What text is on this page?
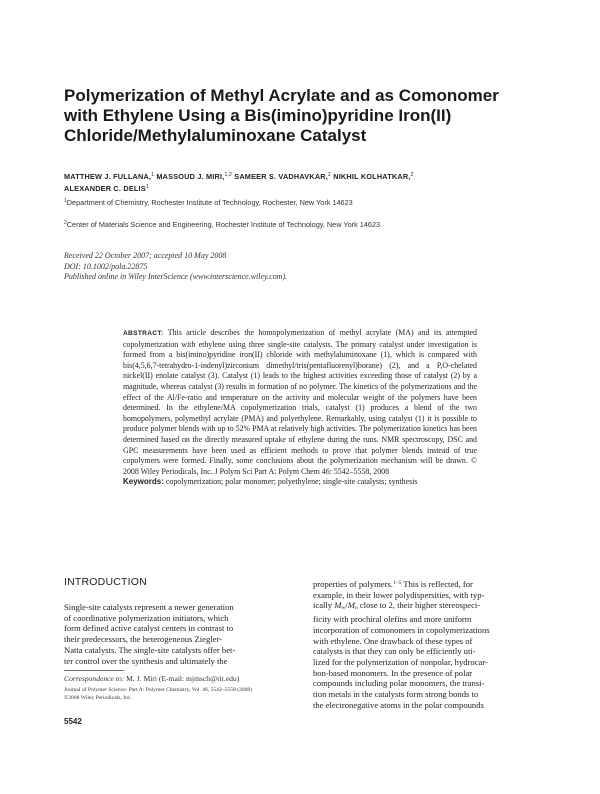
Polymerization of Methyl Acrylate and as Comonomer
with Ethylene Using a Bis(imino)pyridine Iron(II)
Chloride/Methylaluminoxane Catalyst
MATTHEW J. FULLANA,$^1$ MASSOUD J. MIRI,$^{1,2}$ SAMEER S. VADHAVKAR,$^2$ NIKHIL KOLHATKAR,$^2$
ALEXANDER C. DELIS$^1$
$^1$Department of Chemistry, Rochester Institute of Technology, Rochester, New York 14623
$^2$Center of Materials Science and Engineering, Rochester Institute of Technology, New York 14623
Received 22 October 2007; accepted 10 May 2008
DOI: 10.1002/pola.22875
Published online in Wiley InterScience (www.interscience.wiley.com).

ABSTRACT: This article describes the homopolymerization of methyl acrylate (MA) and its attempted copolymerization with ethylene using three single-site catalysts. The primary catalyst under investigation is formed from a bis(imino)pyridine iron(II) chloride with methylaluminoxane (1), which is compared with bis(4,5,6,7-tetrahydro-1-indenyl)zirconium dimethyl/tris(pentafluorenyl)borane) (2), and a P,O-chelated nickel(II) enolate catalyst (3). Catalyst (1) leads to the highest activities exceeding those of catalyst (2) by a magnitude, whereas catalyst (3) results in formation of no polymer. The kinetics of the polymerizations and the effect of the Al/Fe-ratio and temperature on the activity and molecular weight of the polymers have been determined. In the ethylene/MA copolymerization trials, catalyst (1) produces a blend of the two homopolymers, polymethyl acrylate (PMA) and polyethylene. Remarkably, using catalyst (1) it is possible to produce polymer blends with up to 52% PMA at relatively high activities. The polymerization kinetics has been determined based on the directly measured uptake of ethylene during the runs. NMR spectroscopy, DSC and GPC measurements have been used as efficient methods to prove that polymer blends instead of true copolymers were formed. Finally, some conclusions about the polymerization mechanism will be drawn. © 2008 Wiley Periodicals, Inc. J Polym Sci Part A: Polym Chem 46: 5542–5558, 2008

Keywords: copolymerization; polar monomer; polyethylene; single-site catalysts; synthesis

INTRODUCTION
Single-site catalysts represent a newer generation
of coordinative polymerization initiators, which
form defined active catalyst centers in contrast to
their predecessors, the heterogeneous Ziegler-
Natta catalysts. The single-site catalysts offer bet-
ter control over the synthesis and ultimately the
properties of polymers.$^{1-5}$ This is reflected, for
example, in their lower polydispersities, with typ-
ically $M_w/M_n$ close to 2, their higher stereospeci-
ficity with prochiral olefins and more uniform
incorporation of comonomers in copolymerizations
with ethylene. One drawback of these types of
catalysts is that they can only be efficiently uti-
lized for the polymerization of nonpolar, hydrocar-
bon-based monomers. In the presence of polar
compounds including polar monomers, the transi-
tion metals in the catalysts form strong bonds to
the electronegative atoms in the polar compounds
Correspondence to: M. J. Miri (E-mail: mjmsch@rit.edu)
Journal of Polymer Science: Part A: Polymer Chemistry, Vol. 46, 5542–5558 (2008)
©2008 Wiley Periodicals, Inc.
5542
